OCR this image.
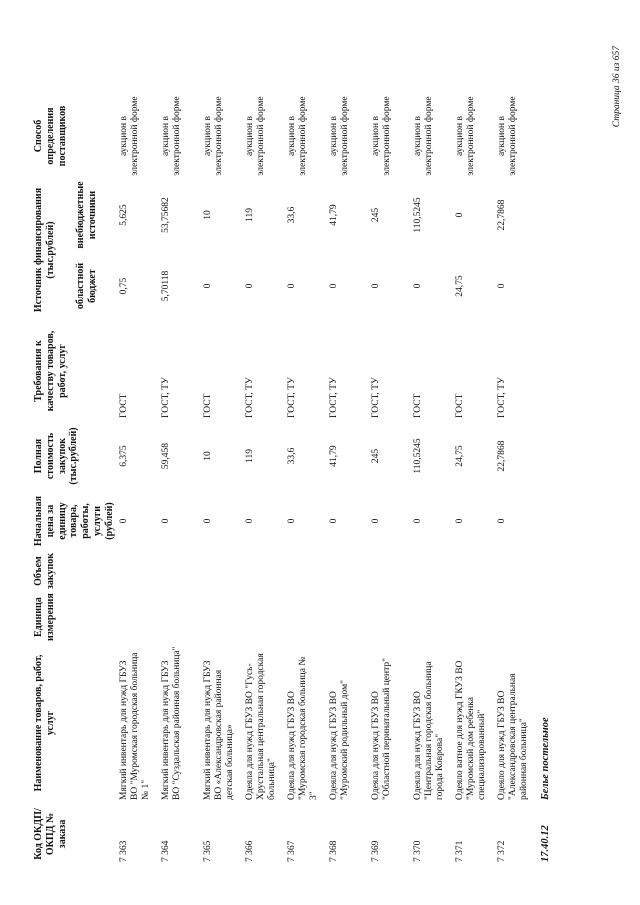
Код ОКДП/ ОКПД № заказа	Наименование товаров, работ, услуг	Единица измерения	Объем закупок	Начальная цена за единицу товара, работы, услуги (рублей)	Полная стоимость закупок (тыс.рублей)	Требования к качеству товаров, работ, услуг	Источник финансирования (тыс.рублей)		Способ определения поставщиков
							областной бюджет	внебюджетные источники	
7 363	Мягкий инвентарь для нужд ГБУЗ ВО "Муромская городская больница № 1"			0	6,375	ГОСТ	0,75	5,625	аукцион в электронной форме
7 364	Мягкий инвентарь для нужд ГБУЗ ВО "Суздальская районная больница"			0	59,458	ГОСТ, ТУ	5,70118	53,75682	аукцион в электронной форме
7 365	Мягкий инвентарь для нужд ГБУЗ ВО «Александровская районная детская больница»			0	10	ГОСТ	0	10	аукцион в электронной форме
7 366	Одеяла для нужд ГБУЗ ВО "Гусь-Хрустальная центральная городская больница"			0	119	ГОСТ, ТУ	0	119	аукцион в электронной форме
7 367	Одеяла для нужд ГБУЗ ВО "Муромская городская больница № 3"			0	33,6	ГОСТ, ТУ	0	33,6	аукцион в электронной форме
7 368	Одеяла для нужд ГБУЗ ВО "Муромский родильный дом"			0	41,79	ГОСТ, ТУ	0	41,79	аукцион в электронной форме
7 369	Одеяла для нужд ГБУЗ ВО "Областной перинатальный центр"			0	245	ГОСТ, ТУ	0	245	аукцион в электронной форме
7 370	Одеяла для нужд ГБУЗ ВО "Центральная городская больница города Коврова"			0	110,5245	ГОСТ	0	110,5245	аукцион в электронной форме
7 371	Одеяло ватное для нужд ГКУЗ ВО "Муромский дом ребенка специализированный"			0	24,75	ГОСТ	24,75	0	аукцион в электронной форме
7 372	Одеяло для нужд ГБУЗ ВО "Александровская центральная районная больница"			0	22,7868	ГОСТ, ТУ	0	22,7868	аукцион в электронной форме
17.40.12	Белье постельное								
Страница 36 из 657
